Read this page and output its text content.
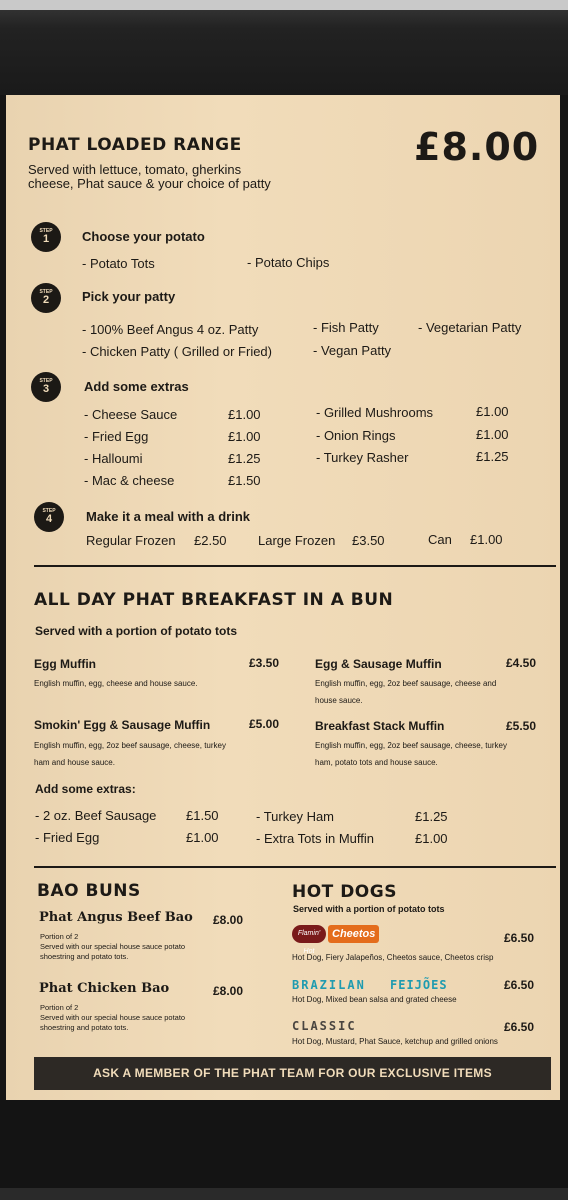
PHAT LOADED RANGE	£8.00
Served with lettuce, tomato, gherkins
cheese, Phat sauce & your choice of patty
STEP
1	Choose your potato
- Potato Tots	- Potato Chips
STEP
2	Pick your patty
- 100% Beef Angus 4 oz. Patty	- Fish Patty	- Vegetarian Patty
- Chicken Patty ( Grilled or Fried)	- Vegan Patty
STEP
3	Add some extras
- Cheese Sauce	£1.00
- Fried Egg	£1.00
- Halloumi	£1.25
- Mac & cheese	£1.50
- Grilled Mushrooms	£1.00
- Onion Rings	£1.00
- Turkey Rasher	£1.25
STEP
4	Make it a meal with a drink
Regular Frozen £2.50 Large Frozen £3.50	Can £1.00
ALL DAY PHAT BREAKFAST IN A BUN
Served with a portion of potato tots
Egg Muffin	£3.50
English muffin, egg, cheese and house sauce.
Egg & Sausage Muffin	£4.50
English muffin, egg, 2oz beef sausage, cheese and
house sauce.
Smokin' Egg & Sausage Muffin	£5.00
English muffin, egg, 2oz beef sausage, cheese, turkey
ham and house sauce.
Breakfast Stack Muffin	£5.50
English muffin, egg, 2oz beef sausage, cheese, turkey
ham, potato tots and house sauce.
Add some extras:
- 2 oz. Beef Sausage £1.50
- Fried Egg	£1.00
- Turkey Ham	£1.25
- Extra Tots in Muffin	£1.00
BAO BUNS
Phat Angus Beef Bao £8.00
Portion of 2
Served with our special house sauce potato
shoestring and potato tots.
Phat Chicken Bao	£8.00
Portion of 2
Served with our special house sauce potato
shoestring and potato tots.
HOT DOGS
Served with a portion of potato tots
Flamin' Hot
Cheetos	£6.50
Hot Dog, Fiery Jalapeños, Cheetos sauce, Cheetos crisp
BRAZILAN FEIJÕES	£6.50
Hot Dog, Mixed bean salsa and grated cheese
CLASSIC	£6.50
Hot Dog, Mustard, Phat Sauce, ketchup and grilled onions
ASK A MEMBER OF THE PHAT TEAM FOR OUR EXCLUSIVE ITEMS
